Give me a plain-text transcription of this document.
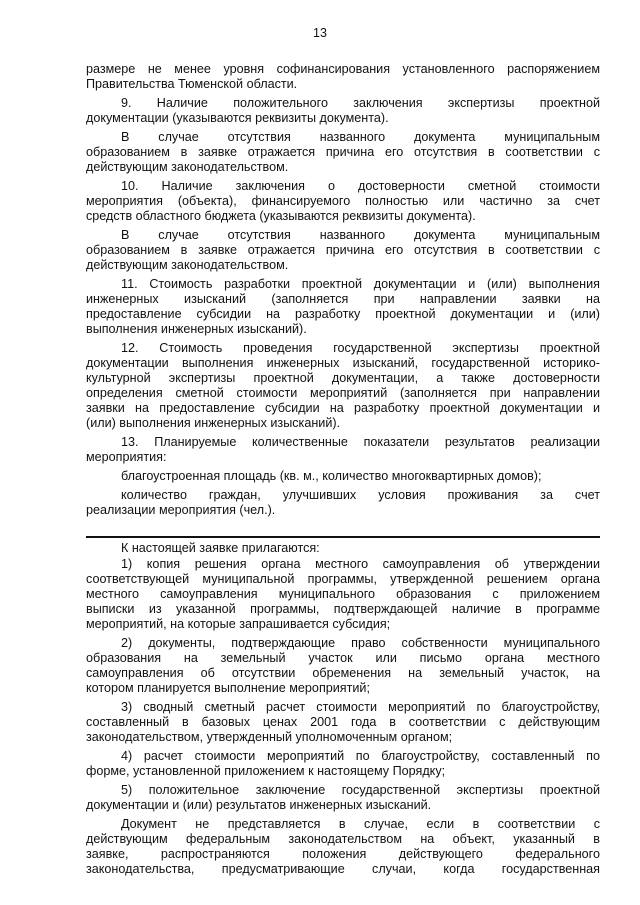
13
размере не менее уровня софинансирования установленного распоряжением
Правительства Тюменской области.
9. Наличие положительного заключения экспертизы проектной
документации (указываются реквизиты документа).
В случае отсутствия названного документа муниципальным
образованием в заявке отражается причина его отсутствия в соответствии с
действующим законодательством.
10. Наличие заключения о достоверности сметной стоимости
мероприятия (объекта), финансируемого полностью или частично за счет
средств областного бюджета (указываются реквизиты документа).
В случае отсутствия названного документа муниципальным
образованием в заявке отражается причина его отсутствия в соответствии с
действующим законодательством.
11. Стоимость разработки проектной документации и (или) выполнения
инженерных изысканий (заполняется при направлении заявки на
предоставление субсидии на разработку проектной документации и (или)
выполнения инженерных изысканий).
12. Стоимость проведения государственной экспертизы проектной
документации выполнения инженерных изысканий, государственной историко-
культурной экспертизы проектной документации, а также достоверности
определения сметной стоимости мероприятий (заполняется при направлении
заявки на предоставление субсидии на разработку проектной документации и
(или) выполнения инженерных изысканий).
13. Планируемые количественные показатели результатов реализации
мероприятия:
благоустроенная площадь (кв. м., количество многоквартирных домов);
количество граждан, улучшивших условия проживания за счет
реализации мероприятия (чел.).
К настоящей заявке прилагаются:
1) копия решения органа местного самоуправления об утверждении
соответствующей муниципальной программы, утвержденной решением органа
местного самоуправления муниципального образования с приложением
выписки из указанной программы, подтверждающей наличие в программе
мероприятий, на которые запрашивается субсидия;
2) документы, подтверждающие право собственности муниципального
образования на земельный участок или письмо органа местного
самоуправления об отсутствии обременения на земельный участок, на
котором планируется выполнение мероприятий;
3) сводный сметный расчет стоимости мероприятий по благоустройству,
составленный в базовых ценах 2001 года в соответствии с действующим
законодательством, утвержденный уполномоченным органом;
4) расчет стоимости мероприятий по благоустройству, составленный по
форме, установленной приложением к настоящему Порядку;
5) положительное заключение государственной экспертизы проектной
документации и (или) результатов инженерных изысканий.
Документ не представляется в случае, если в соответствии с
действующим федеральным законодательством на объект, указанный в
заявке, распространяются положения действующего федерального
законодательства, предусматривающие случаи, когда государственная
